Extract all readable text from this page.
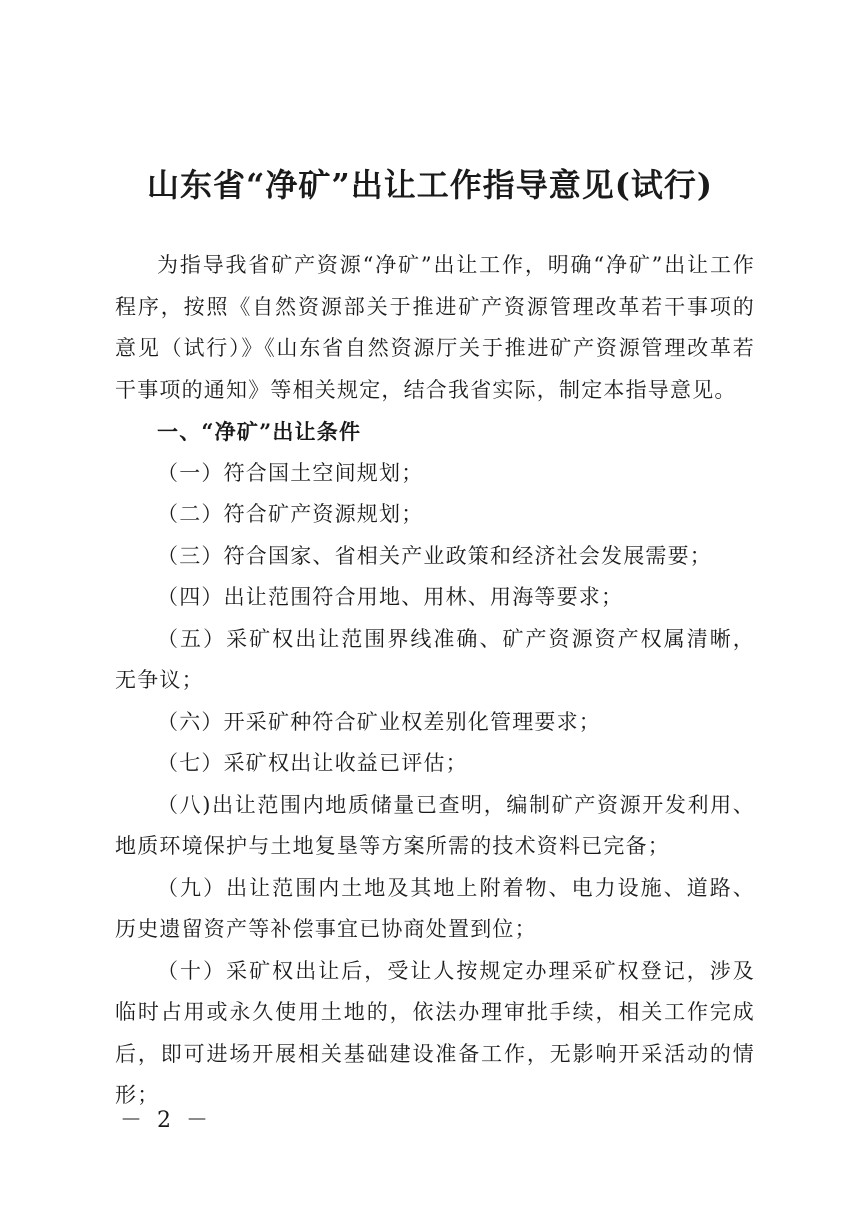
山东省“净矿”出让工作指导意见(试行)

为指导我省矿产资源“净矿”出让工作，明确“净矿”出让工作程序，按照《自然资源部关于推进矿产资源管理改革若干事项的意见（试行）》《山东省自然资源厅关于推进矿产资源管理改革若干事项的通知》等相关规定，结合我省实际，制定本指导意见。

一、“净矿”出让条件

（一）符合国土空间规划；

（二）符合矿产资源规划；

（三）符合国家、省相关产业政策和经济社会发展需要；

（四）出让范围符合用地、用林、用海等要求；

（五）采矿权出让范围界线准确、矿产资源资产权属清晰，无争议；

（六）开采矿种符合矿业权差别化管理要求；

（七）采矿权出让收益已评估；

（八)出让范围内地质储量已查明，编制矿产资源开发利用、地质环境保护与土地复垦等方案所需的技术资料已完备；

（九）出让范围内土地及其地上附着物、电力设施、道路、历史遗留资产等补偿事宜已协商处置到位；

（十）采矿权出让后，受让人按规定办理采矿权登记，涉及临时占用或永久使用土地的，依法办理审批手续，相关工作完成后，即可进场开展相关基础建设准备工作，无影响开采活动的情形；

－ 2 －
